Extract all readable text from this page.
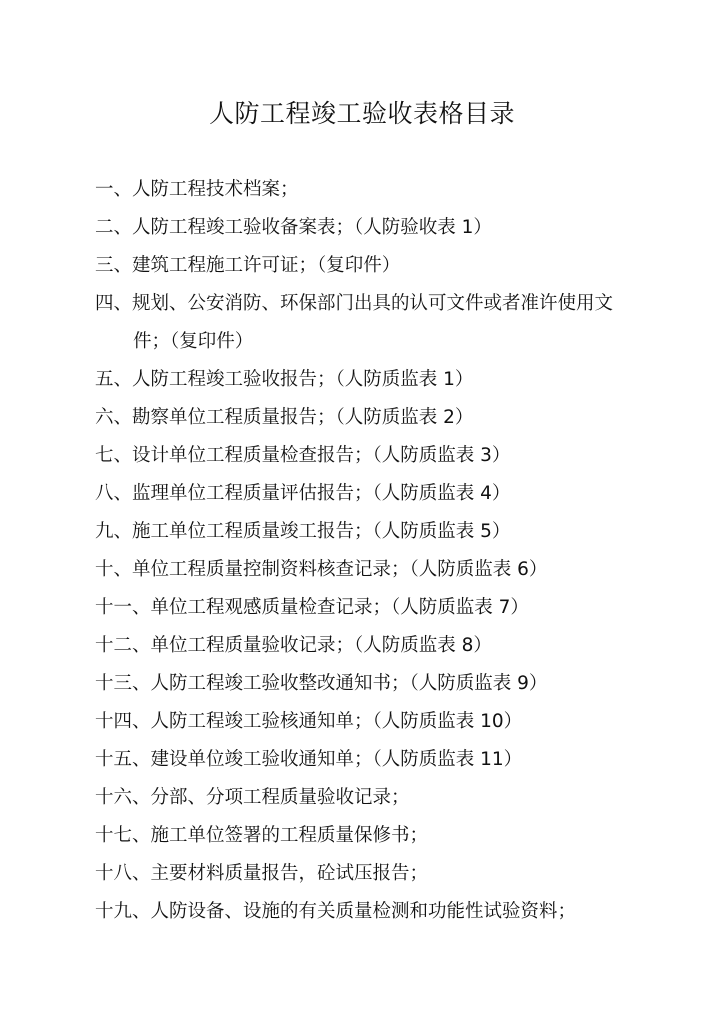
人防工程竣工验收表格目录
一、人防工程技术档案；
二、人防工程竣工验收备案表；（人防验收表 1）
三、建筑工程施工许可证；（复印件）
四、规划、公安消防、环保部门出具的认可文件或者准许使用文件；（复印件）
五、人防工程竣工验收报告；（人防质监表 1）
六、勘察单位工程质量报告；（人防质监表 2）
七、设计单位工程质量检查报告；（人防质监表 3）
八、监理单位工程质量评估报告；（人防质监表 4）
九、施工单位工程质量竣工报告；（人防质监表 5）
十、单位工程质量控制资料核查记录；（人防质监表 6）
十一、单位工程观感质量检查记录；（人防质监表 7）
十二、单位工程质量验收记录；（人防质监表 8）
十三、人防工程竣工验收整改通知书；（人防质监表 9）
十四、人防工程竣工验核通知单；（人防质监表 10）
十五、建设单位竣工验收通知单；（人防质监表 11）
十六、分部、分项工程质量验收记录；
十七、施工单位签署的工程质量保修书；
十八、主要材料质量报告，砼试压报告；
十九、人防设备、设施的有关质量检测和功能性试验资料；
